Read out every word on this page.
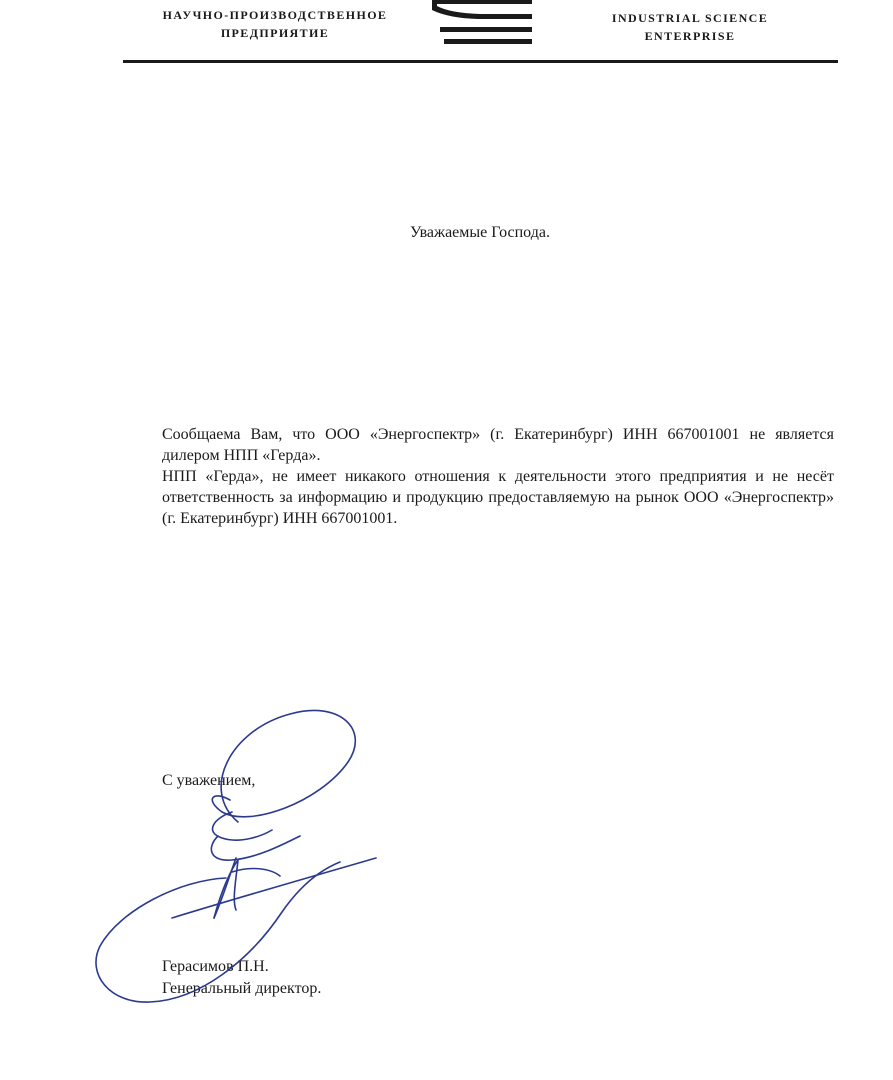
НАУЧНО-ПРОИЗВОДСТВЕННОЕ
ПРЕДПРИЯТИЕ
INDUSTRIAL SCIENCE
ENTERPRISE
Уважаемые Господа.

Сообщаема Вам, что ООО «Энергоспектр» (г. Екатеринбург) ИНН 667001001 не является дилером НПП «Герда».

НПП «Герда», не имеет никакого отношения к деятельности этого предприятия и не несёт ответственность за информацию и продукцию предоставляемую на рынок ООО «Энергоспектр» (г. Екатеринбург) ИНН 667001001.

С уважением,
Герасимов П.Н.
Генеральный директор.
